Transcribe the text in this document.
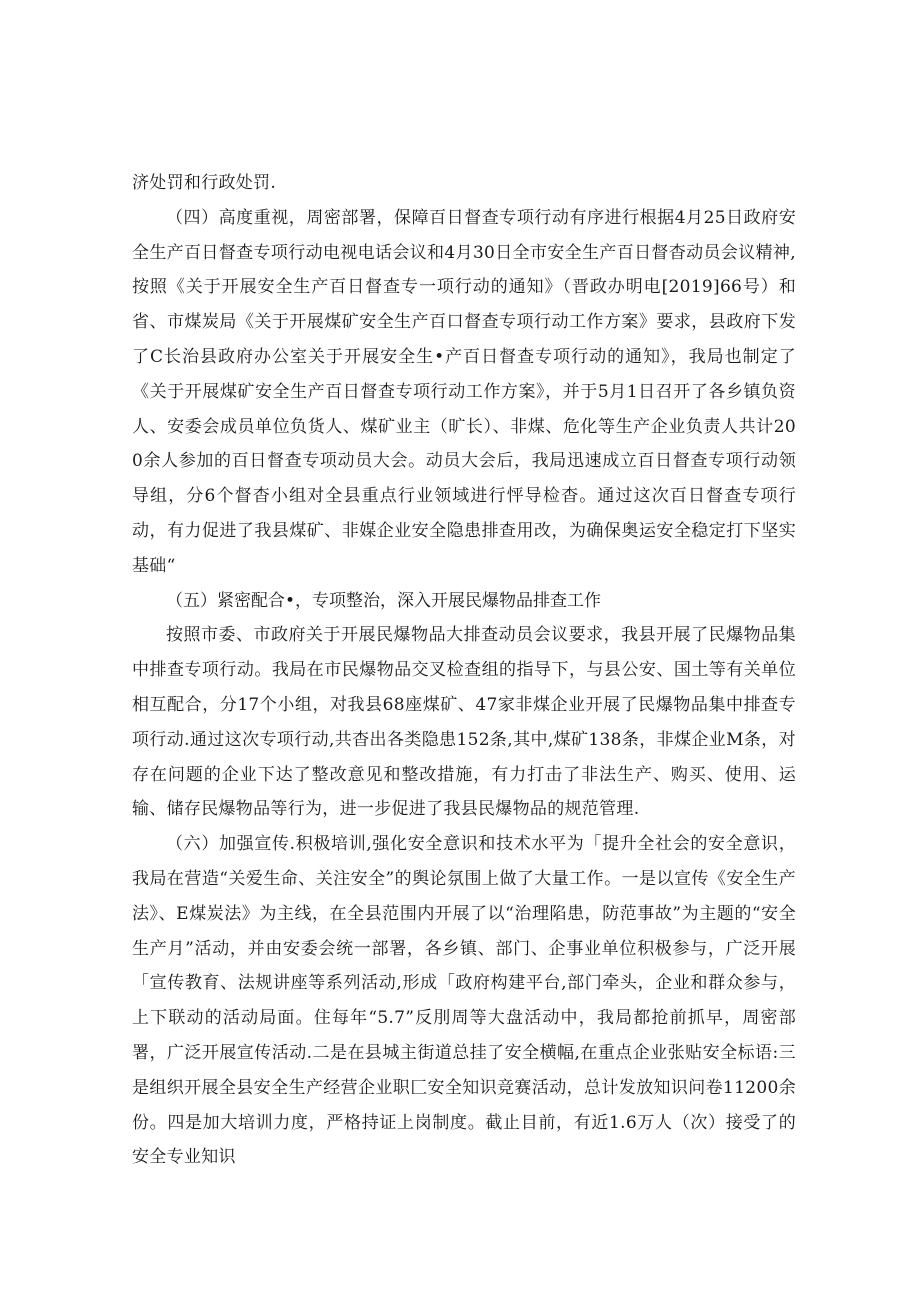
济处罚和行政处罚.

（四）高度重视，周密部署，保障百日督查专项行动有序进行根据4月25日政府安全生产百日督查专项行动电视电话会议和4月30日全市安全生产百日督杳动员会议精神,按照《关于开展安全生产百日督查专一项行动的通知》（晋政办明电[2019]66号）和省、市煤炭局《关于开展煤矿安全生产百口督查专项行动工作方案》要求，县政府下发了C长治县政府办公室关于开展安全生•产百日督查专项行动的通知》，我局也制定了《关于开展煤矿安全生产百日督查专项行动工作方案》，并于5月1日召开了各乡镇负资人、安委会成员单位负货人、煤矿业主（旷长）、非煤、危化等生产企业负责人共计200余人参加的百日督查专项动员大会。动员大会后，我局迅速成立百日督查专项行动领导组，分6个督杳小组对全县重点行业领域进行怦导检杳。通过这次百日督查专项行动，有力促进了我县煤矿、非媒企业安全隐患排查用改，为确保奥运安全稳定打下坚实基础“

（五）紧密配合•，专项整治，深入开展民爆物品排查工作

按照市委、市政府关于开展民爆物品大排查动员会议要求，我县开展了民爆物品集中排查专项行动。我局在市民爆物品交叉检查组的指导下，与县公安、国土等有关单位相互配合，分17个小组，对我县68座煤矿、47家非煤企业开展了民爆物品集中排查专项行动.通过这次专项行动,共杳出各类隐患152条,其中,煤矿138条，非煤企业M条，对存在问题的企业下达了整改意见和整改措施，有力打击了非法生产、购买、使用、运输、储存民爆物品等行为，进一步促进了我县民爆物品的规范管理.

（六）加强宣传.积极培训,强化安全意识和技术水平为「提升全社会的安全意识，我局在营造“关爱生命、关注安全”的舆论氛围上做了大量工作。一是以宣传《安全生产法》、E煤炭法》为主线，在全县范围内开展了以“治理陷患，防范事故”为主题的“安全生产月”活动，并由安委会统一部署，各乡镇、部门、企事业单位积极参与，广泛开展「宣传教育、法规讲座等系列活动,形成「政府构建平台,部门牵头，企业和群众参与，上下联动的活动局面。住每年“5.7”反刖周等大盘活动中，我局都抢前抓早，周密部署，广泛开展宣传活动.二是在县城主街道总挂了安全横幅,在重点企业张贴安全标语:三是组织开展全县安全生产经营企业职匚安全知识竞赛活动，总计发放知识问卷11200余份。四是加大培训力度，严格持证上岗制度。截止目前，有近1.6万人（次）接受了的安全专业知识
